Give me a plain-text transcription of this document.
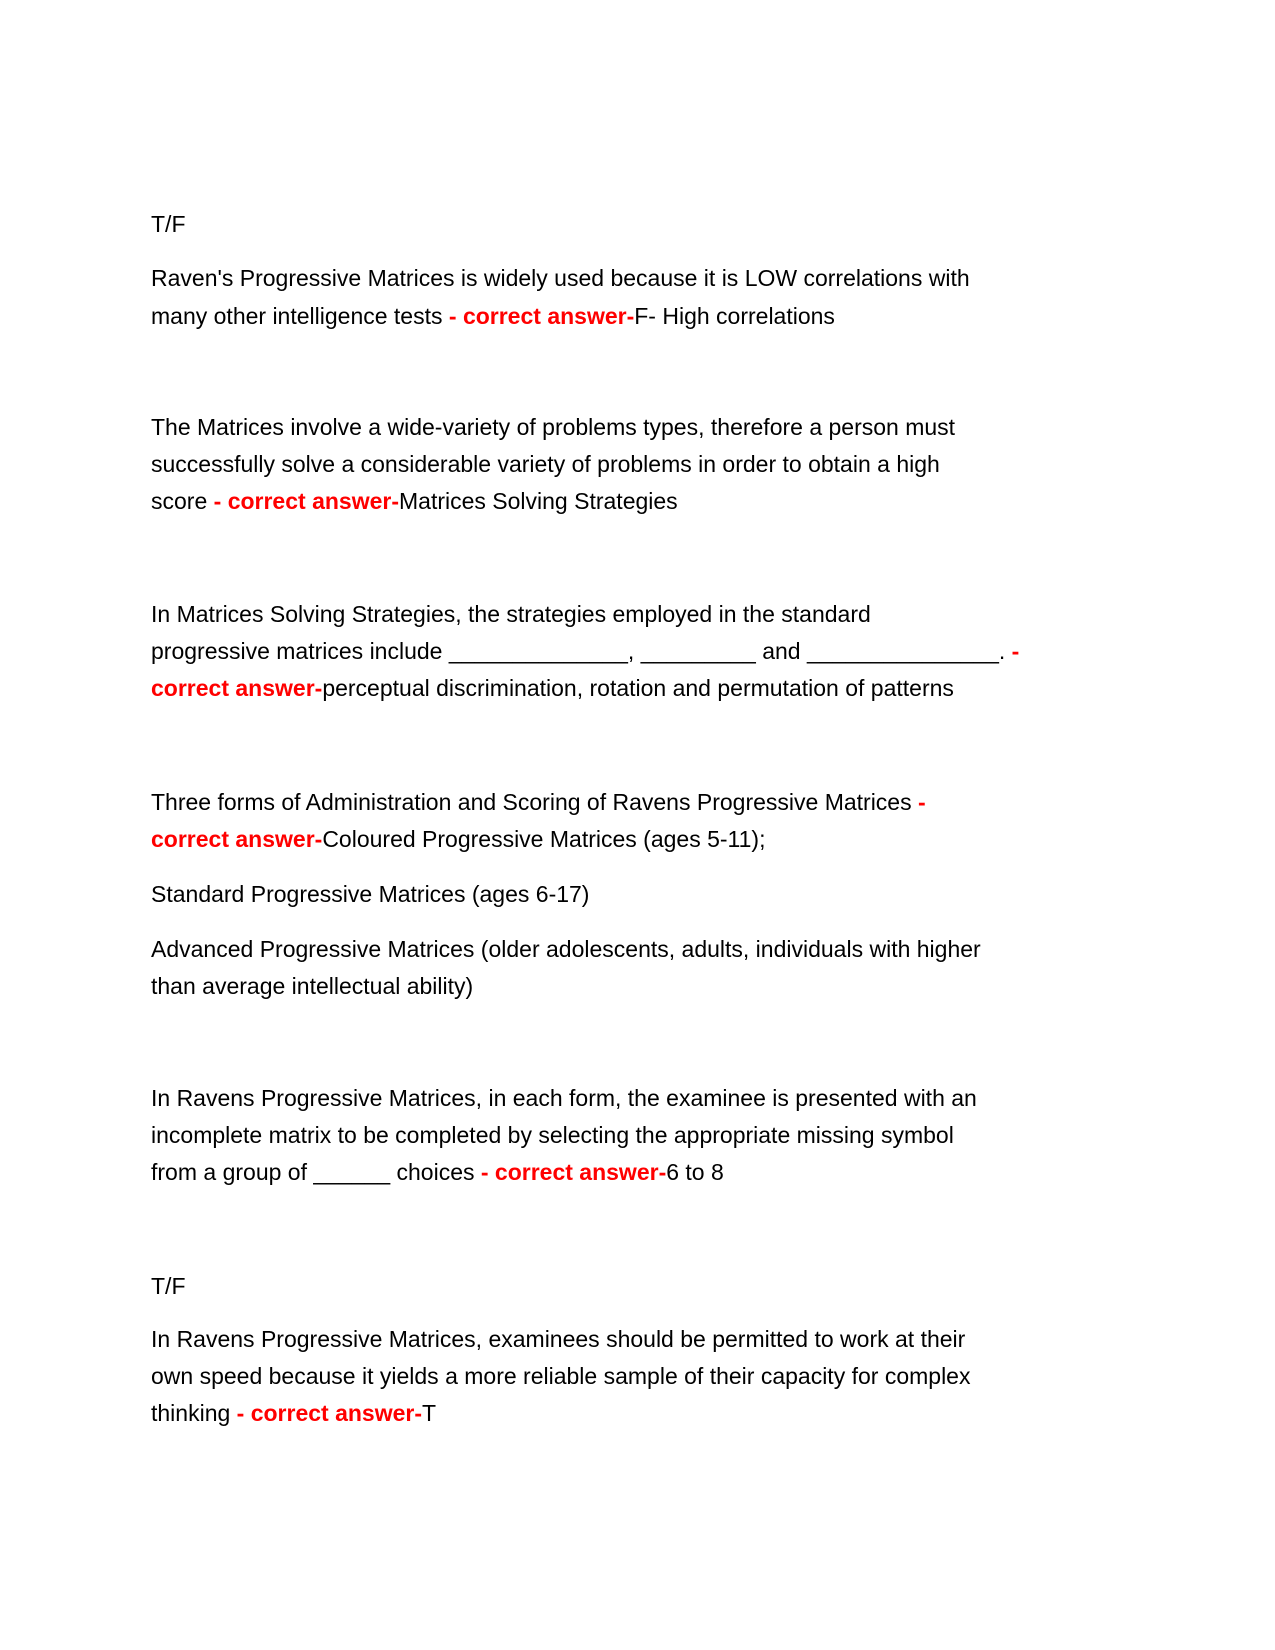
T/F
Raven's Progressive Matrices is widely used because it is LOW correlations with
many other intelligence tests - correct answer-F- High correlations
The Matrices involve a wide-variety of problems types, therefore a person must
successfully solve a considerable variety of problems in order to obtain a high
score - correct answer-Matrices Solving Strategies
In Matrices Solving Strategies, the strategies employed in the standard
progressive matrices include ______________, _________ and _______________. -
correct answer-perceptual discrimination, rotation and permutation of patterns
Three forms of Administration and Scoring of Ravens Progressive Matrices -
correct answer-Coloured Progressive Matrices (ages 5-11);
Standard Progressive Matrices (ages 6-17)
Advanced Progressive Matrices (older adolescents, adults, individuals with higher
than average intellectual ability)
In Ravens Progressive Matrices, in each form, the examinee is presented with an
incomplete matrix to be completed by selecting the appropriate missing symbol
from a group of ______ choices - correct answer-6 to 8
T/F
In Ravens Progressive Matrices, examinees should be permitted to work at their
own speed because it yields a more reliable sample of their capacity for complex
thinking - correct answer-T
